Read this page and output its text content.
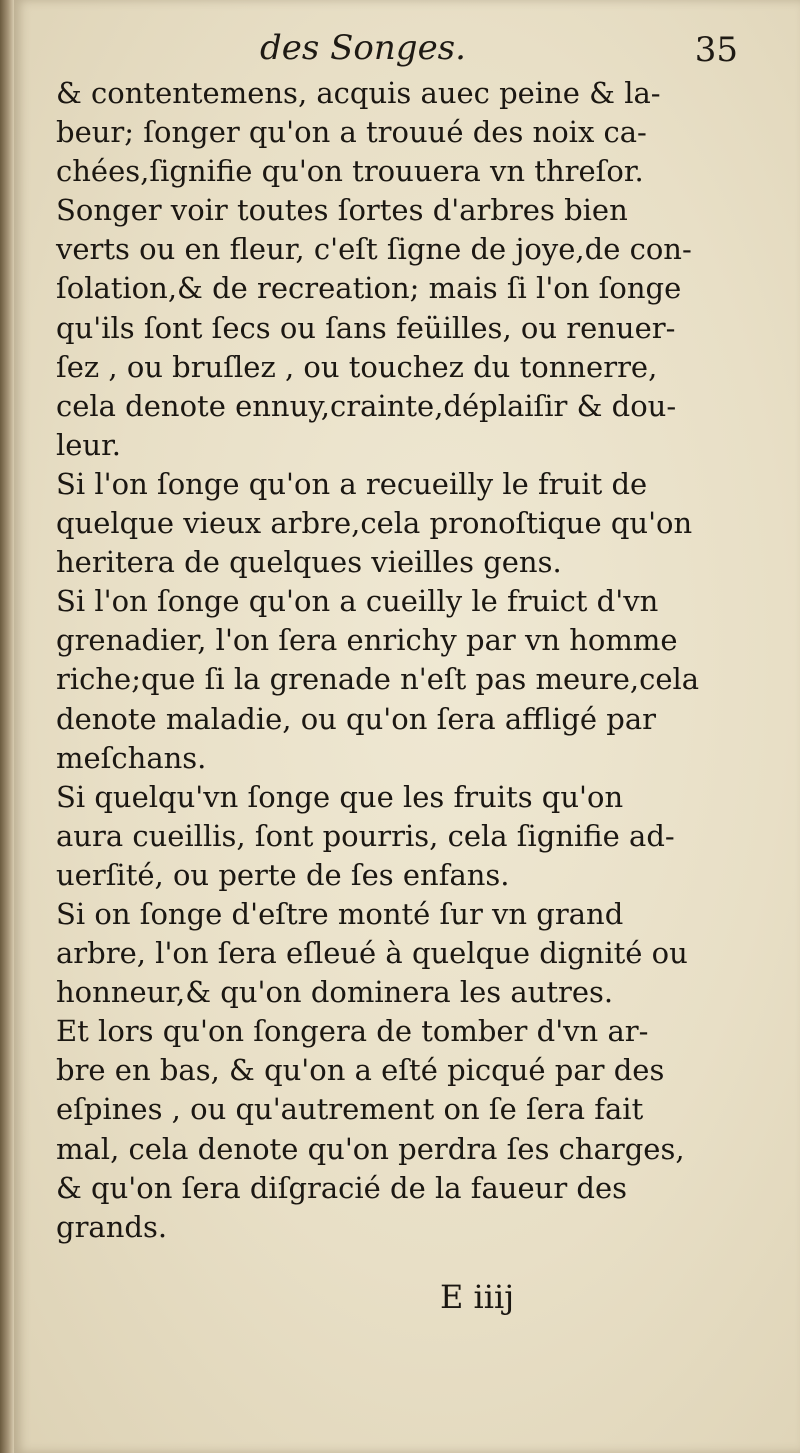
des Songes.	35
& contentemens, acquis auec peine & la-
beur; ſonger qu'on a trouué des noix ca-
chées,ſignifie qu'on trouuera vn threſor.
Songer voir toutes ſortes d'arbres bien
verts ou en fleur, c'eſt ſigne de joye,de con-
ſolation,& de recreation; mais ſi l'on ſonge
qu'ils ſont ſecs ou ſans feüilles, ou renuer-
ſez , ou bruſlez , ou touchez du tonnerre,
cela denote ennuy,crainte,déplaiſir & dou-
leur.
Si l'on ſonge qu'on a recueilly le fruit de
quelque vieux arbre,cela pronoſtique qu'on
heritera de quelques vieilles gens.
Si l'on ſonge qu'on a cueilly le fruict d'vn
grenadier, l'on ſera enrichy par vn homme
riche;que ſi la grenade n'eſt pas meure,cela
denote maladie, ou qu'on ſera affligé par
meſchans.
Si quelqu'vn ſonge que les fruits qu'on
aura cueillis, ſont pourris, cela ſignifie ad-
uerſité, ou perte de ſes enfans.
Si on ſonge d'eſtre monté ſur vn grand
arbre, l'on ſera eſleué à quelque dignité ou
honneur,& qu'on dominera les autres.
Et lors qu'on ſongera de tomber d'vn ar-
bre en bas, & qu'on a eſté picqué par des
eſpines , ou qu'autrement on ſe ſera fait
mal, cela denote qu'on perdra ſes charges,
& qu'on ſera diſgracié de la faueur des
grands.
E iiij
